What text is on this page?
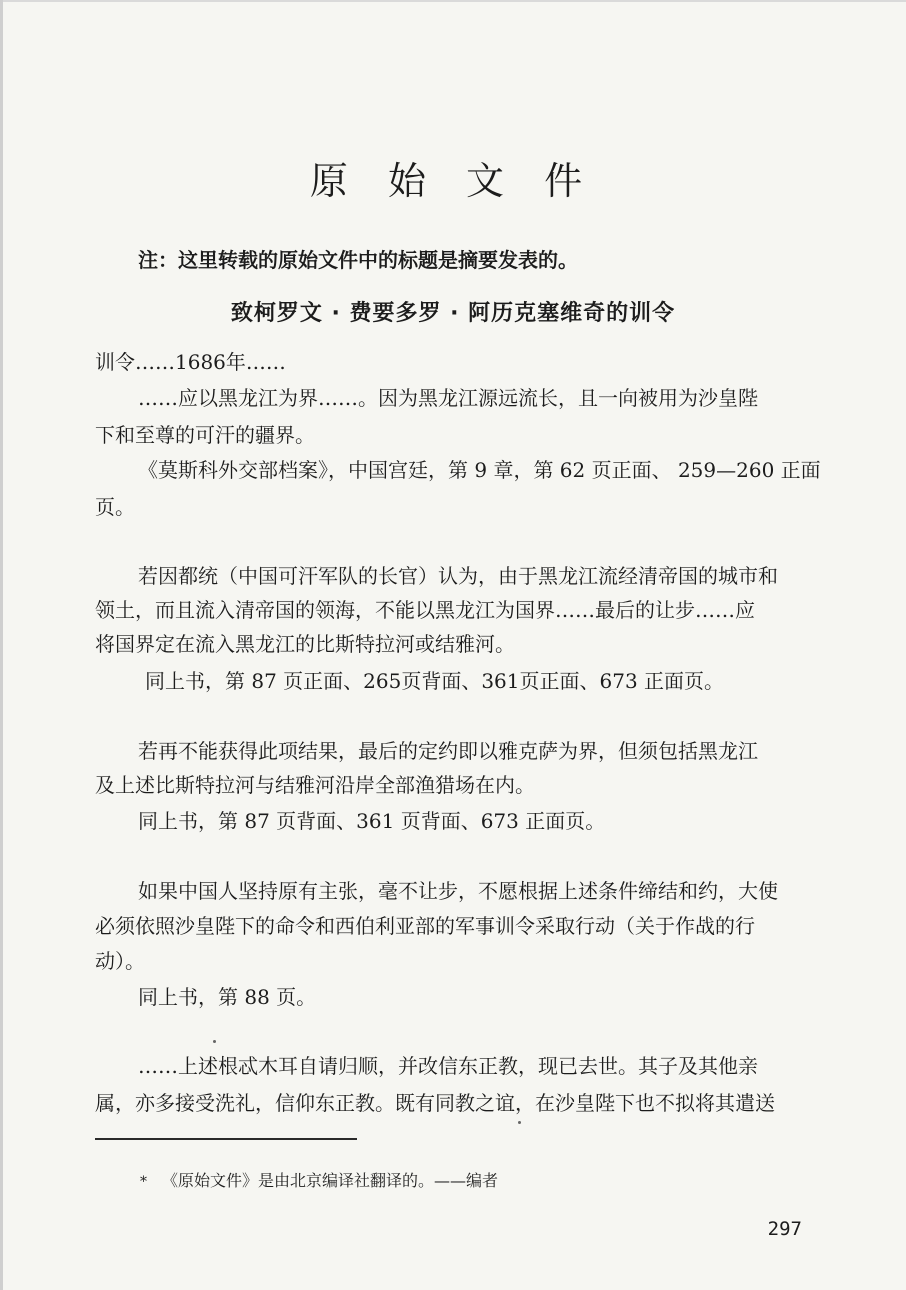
原 始 文 件
注：这里转载的原始文件中的标题是摘要发表的。
致柯罗文 · 费要多罗 · 阿历克塞维奇的训令
训令……1686年……
……应以黑龙江为界……。因为黑龙江源远流长，且一向被用为沙皇陛
下和至尊的可汗的疆界。
《莫斯科外交部档案》，中国宫廷，第 9 章，第 62 页正面、 259—260 正面
页。
若因都统（中国可汗军队的长官）认为，由于黑龙江流经清帝国的城市和
领土，而且流入清帝国的领海，不能以黑龙江为国界……最后的让步……应
将国界定在流入黑龙江的比斯特拉河或结雅河。
同上书，第 87 页正面、265页背面、361页正面、673 正面页。
若再不能获得此项结果，最后的定约即以雅克萨为界，但须包括黑龙江
及上述比斯特拉河与结雅河沿岸全部渔猎场在内。
同上书，第 87 页背面、361 页背面、673 正面页。
如果中国人坚持原有主张，毫不让步，不愿根据上述条件缔结和约，大使
必须依照沙皇陛下的命令和西伯利亚部的军事训令采取行动（关于作战的行
动）。
同上书，第 88 页。
……上述根忒木耳自请归顺，并改信东正教，现已去世。其子及其他亲
属，亦多接受洗礼，信仰东正教。既有同教之谊，在沙皇陛下也不拟将其遣送
* 《原始文件》是由北京编译社翻译的。——编者
297
